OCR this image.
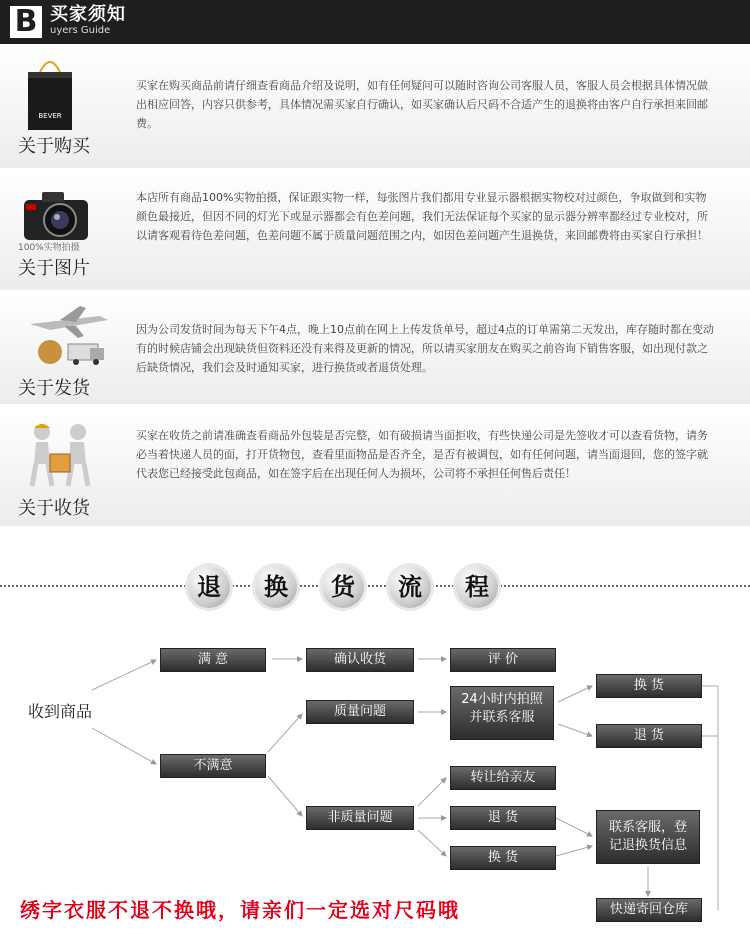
B 买家须知
uyers Guide
BEVER
关于购买
买家在购买商品前请仔细查看商品介绍及说明，如有任何疑问可以随时咨询公司客服人员，客服人员会根据具体情况做出相应回答，内容只供参考，具体情况需买家自行确认，如买家确认后尺码不合适产生的退换将由客户自行承担来回邮费。
100%实物拍摄
关于图片
本店所有商品100%实物拍摄，保证跟实物一样，每张图片我们都用专业显示器根据实物校对过颜色，争取做到和实物颜色最接近，但因不同的灯光下或显示器都会有色差问题，我们无法保证每个买家的显示器分辨率都经过专业校对，所以请客观看待色差问题，色差问题不属于质量问题范围之内，如因色差问题产生退换货，来回邮费将由买家自行承担！
关于发货
因为公司发货时间为每天下午4点，晚上10点前在网上上传发货单号，超过4点的订单需第二天发出，库存随时都在变动有的时候店铺会出现缺货但资料还没有来得及更新的情况，所以请买家朋友在购买之前咨询下销售客服，如出现付款之后缺货情况，我们会及时通知买家，进行换货或者退货处理。
关于收货
买家在收货之前请准确查看商品外包装是否完整，如有破损请当面拒收，有些快递公司是先签收才可以查看货物，请务必当着快递人员的面，打开货物包，查看里面物品是否齐全，是否有被调包，如有任何问题，请当面退回，您的签字就代表您已经接受此包商品，如在签字后在出现任何人为损坏，公司将不承担任何售后责任！
退	换	货	流	程
收到商品
满 意	确认收货	评 价
不满意
质量问题
24小时内拍照
并联系客服
换 货
退 货
非质量问题
转让给亲友
退 货
换 货
联系客服，登
记退换货信息
快递寄回仓库
绣字衣服不退不换哦，请亲们一定选对尺码哦
